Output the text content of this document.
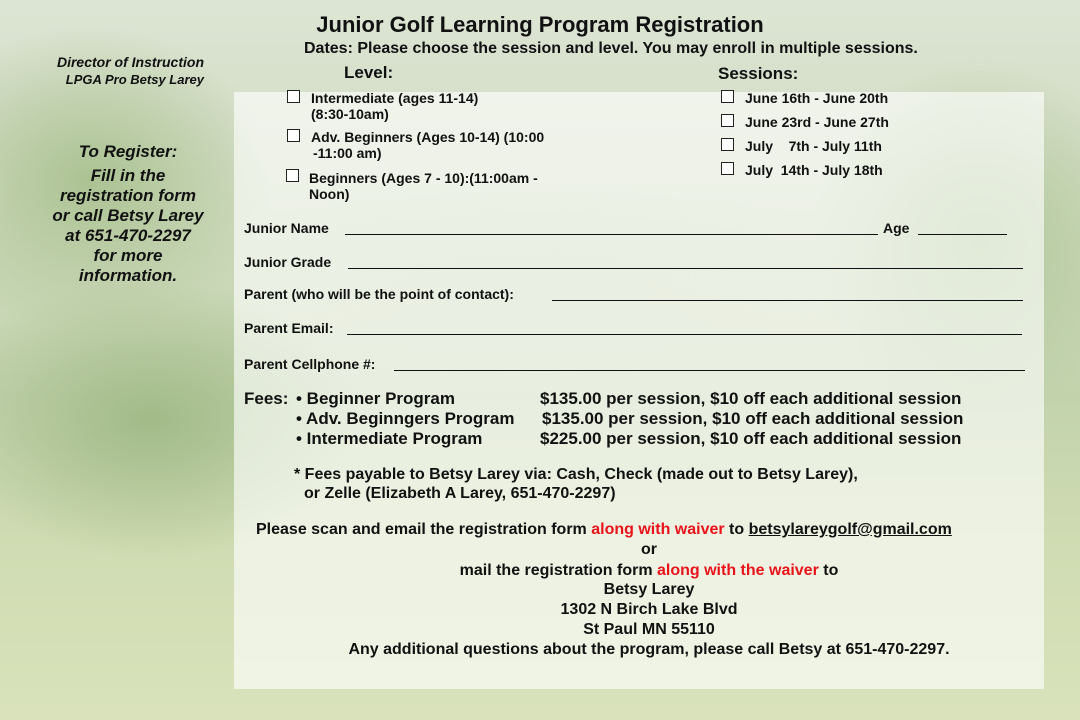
Junior Golf Learning Program Registration
Dates: Please choose the session and level. You may enroll in multiple sessions.
Director of Instruction
LPGA Pro Betsy Larey
To Register:
Fill in the
registration form
or call Betsy Larey
at 651-470-2297
for more
information.
Level:
Intermediate (ages 11-14)
(8:30-10am)
Adv. Beginners (Ages 10-14) (10:00
-11:00 am)
Beginners (Ages 7 - 10):(11:00am -
Noon)
Sessions:
June 16th - June 20th
June 23rd - June 27th
July    7th - July 11th
July  14th - July 18th
Junior Name	Age
Junior Grade
Parent (who will be the point of contact):
Parent Email:
Parent Cellphone #:
Fees: • Beginner Program	$135.00 per session, $10 off each additional session
• Adv. Beginngers Program $135.00 per session, $10 off each additional session
• Intermediate Program	$225.00 per session, $10 off each additional session
* Fees payable to Betsy Larey via: Cash, Check (made out to Betsy Larey),
or Zelle (Elizabeth A Larey, 651-470-2297)
Please scan and email the registration form along with waiver to betsylareygolf@gmail.com
or
mail the registration form along with the waiver to
Betsy Larey
1302 N Birch Lake Blvd
St Paul MN 55110
Any additional questions about the program, please call Betsy at 651-470-2297.
